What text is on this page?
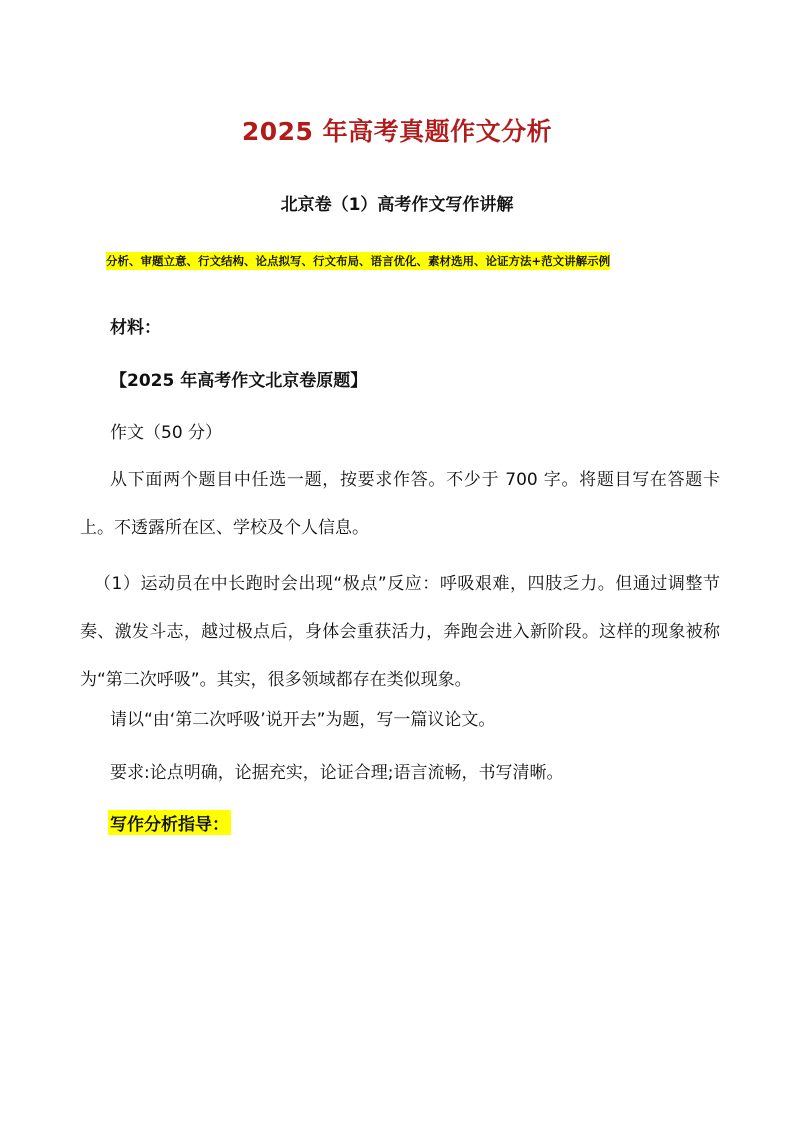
2025 年高考真题作文分析
北京卷（1）高考作文写作讲解
分析、审题立意、行文结构、论点拟写、行文布局、语言优化、素材选用、论证方法+范文讲解示例
材料：
【2025 年高考作文北京卷原题】
作文（50 分）
从下面两个题目中任选一题，按要求作答。不少于 700 字。将题目写在答题卡上。不透露所在区、学校及个人信息。
（1）运动员在中长跑时会出现“极点”反应：呼吸艰难，四肢乏力。但通过调整节奏、激发斗志，越过极点后，身体会重获活力，奔跑会进入新阶段。这样的现象被称为“第二次呼吸”。其实，很多领域都存在类似现象。
请以“由‘第二次呼吸’说开去”为题，写一篇议论文。
要求:论点明确，论据充实，论证合理;语言流畅，书写清晰。
写作分析指导：
